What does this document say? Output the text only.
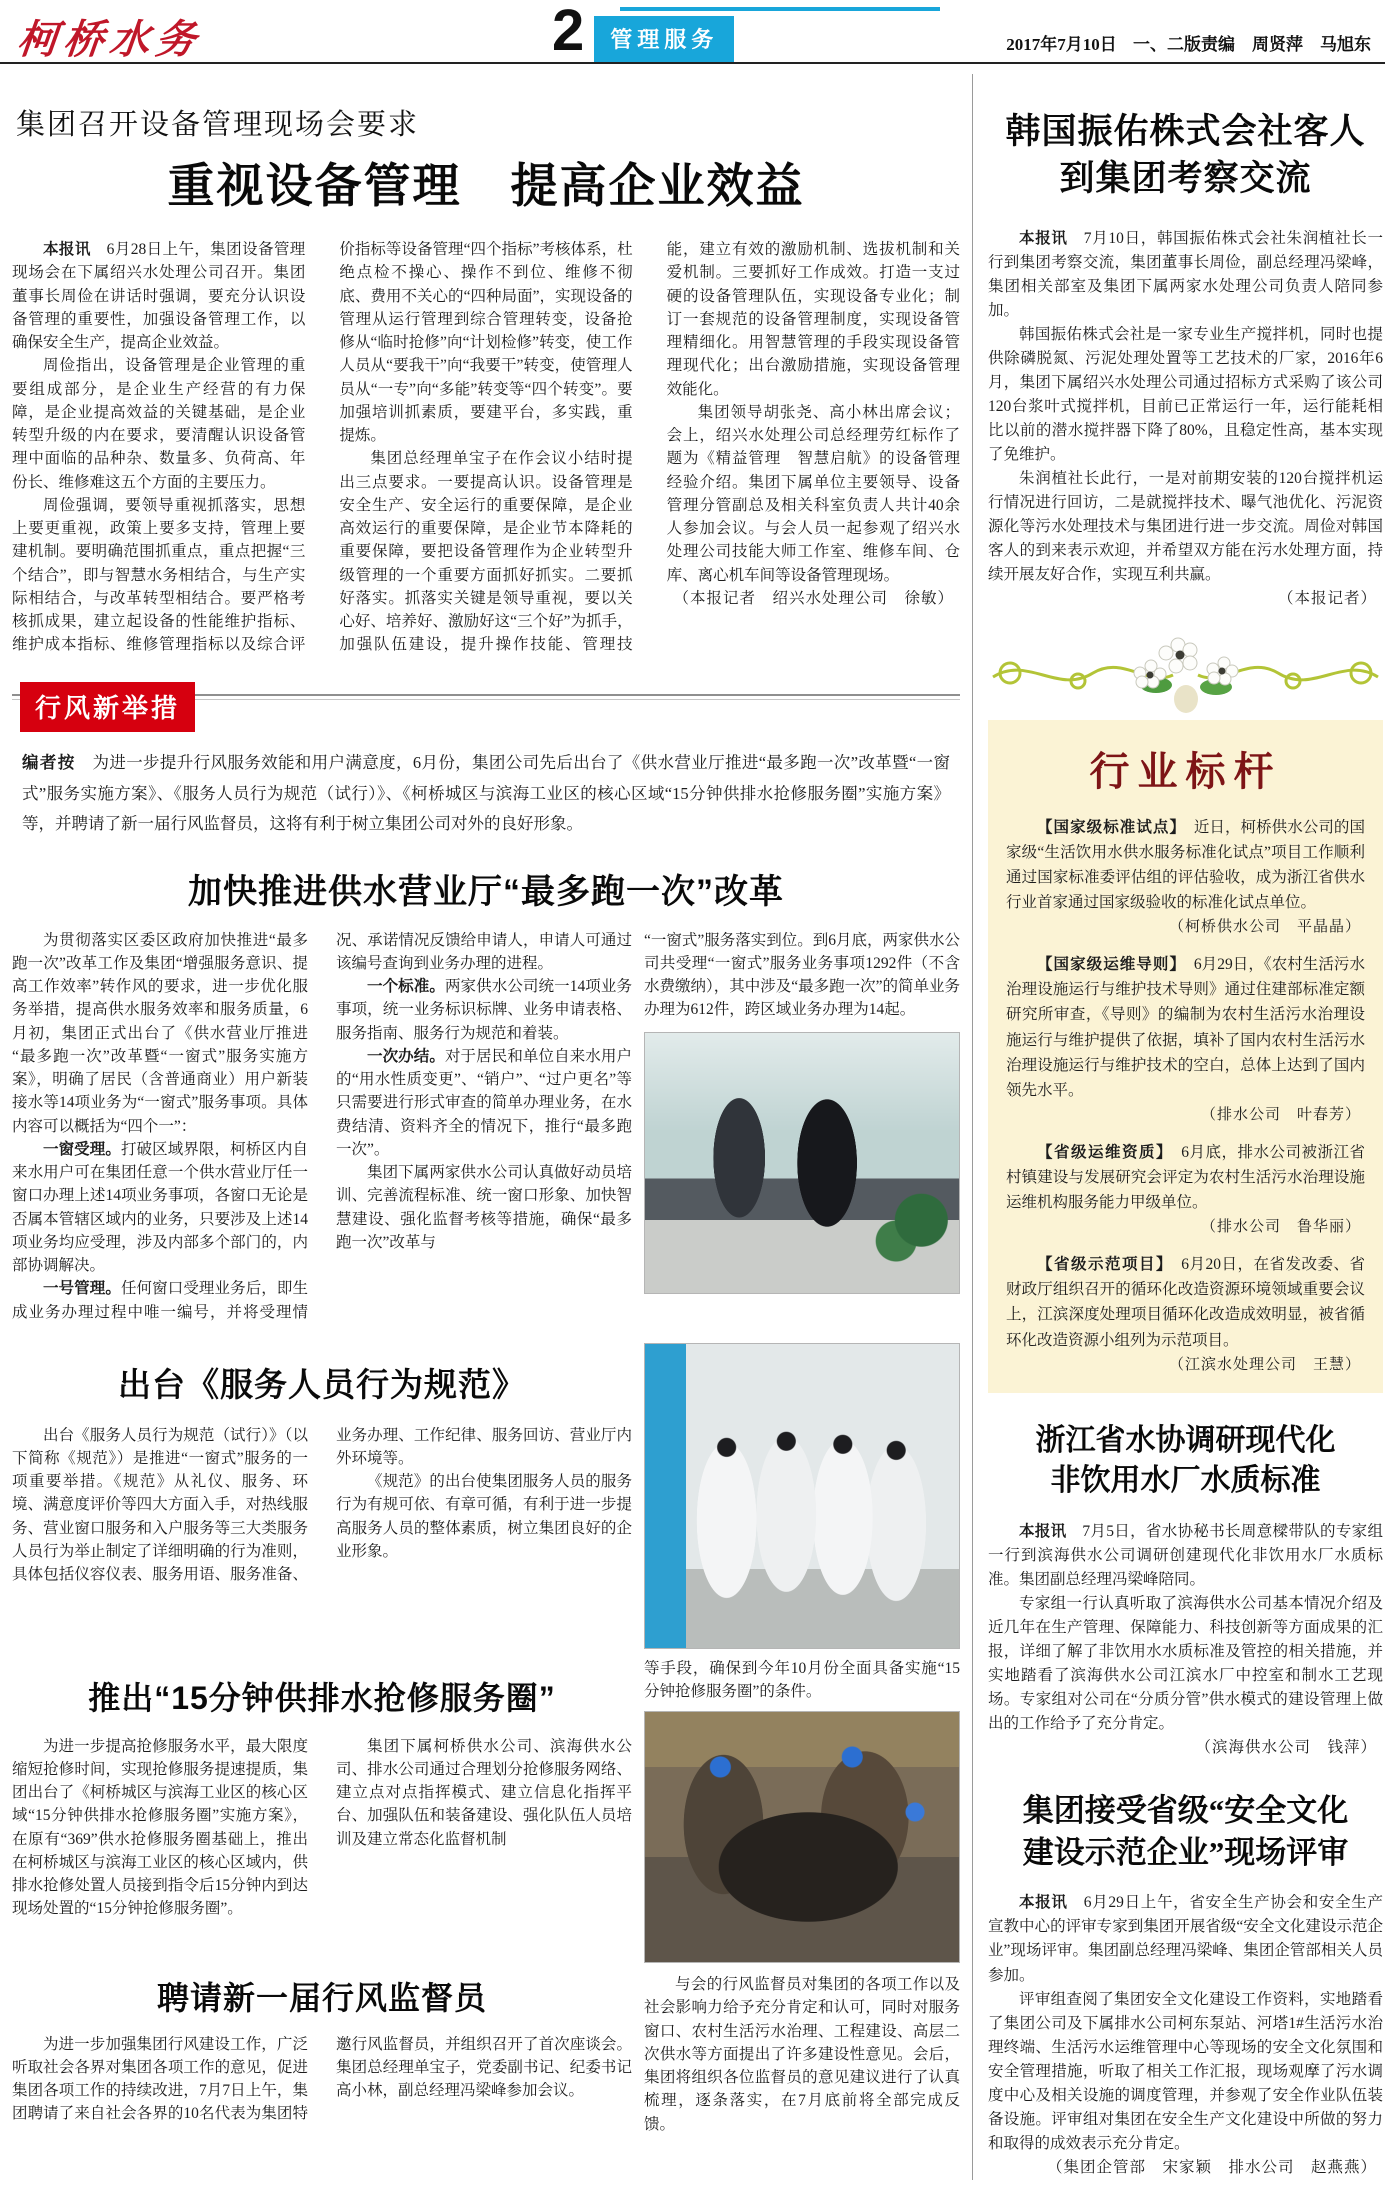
柯桥水务	2	管理服务	2017年7月10日 一、二版责编　周贤萍　马旭东
集团召开设备管理现场会要求
重视设备管理　提高企业效益

本报讯　 6月28日上午，集团设备管理现场会在下属绍兴水处理公司召开。集团董事长周俭在讲话时强调，要充分认识设备管理的重要性，加强设备管理工作，以确保安全生产，提高企业效益。

周俭指出，设备管理是企业管理的重要组成部分，是企业生产经营的有力保障，是企业提高效益的关键基础，是企业转型升级的内在要求，要清醒认识设备管理中面临的品种杂、数量多、负荷高、年份长、维修难这五个方面的主要压力。

周俭强调，要领导重视抓落实，思想上要更重视，政策上要多支持，管理上要建机制。要明确范围抓重点，重点把握“三个结合”，即与智慧水务相结合，与生产实际相结合，与改革转型相结合。要严格考核抓成果，建立起设备的性能维护指标、维护成本指标、维修管理指标以及综合评价指标等设备管理“四个指标”考核体系，杜绝点检不操心、操作不到位、维修不彻底、费用不关心的“四种局面”，实现设备的管理从运行管理到综合管理转变，设备抢修从“临时抢修”向“计划检修”转变，使工作人员从“要我干”向“我要干”转变，使管理人员从“一专”向“多能”转变等“四个转变”。要加强培训抓素质，要建平台，多实践，重提炼。

集团总经理单宝子在作会议小结时提出三点要求。一要提高认识。设备管理是安全生产、安全运行的重要保障，是企业高效运行的重要保障，是企业节本降耗的重要保障，要把设备管理作为企业转型升级管理的一个重要方面抓好抓实。二要抓好落实。抓落实关键是领导重视，要以关心好、培养好、激励好这“三个好”为抓手，加强队伍建设，提升操作技能、管理技能，建立有效的激励机制、选拔机制和关爱机制。三要抓好工作成效。打造一支过硬的设备管理队伍，实现设备专业化；制订一套规范的设备管理制度，实现设备管理精细化。用智慧管理的手段实现设备管理现代化；出台激励措施，实现设备管理效能化。

集团领导胡张尧、高小林出席会议；会上，绍兴水处理公司总经理劳红标作了题为《精益管理　智慧启航》的设备管理经验介绍。集团下属单位主要领导、设备管理分管副总及相关科室负责人共计40余人参加会议。与会人员一起参观了绍兴水处理公司技能大师工作室、维修车间、仓库、离心机车间等设备管理现场。

（本报记者　绍兴水处理公司　徐敏）

行风新举措
编者按　 为进一步提升行风服务效能和用户满意度，6月份，集团公司先后出台了《供水营业厅推进“最多跑一次”改革暨“一窗式”服务实施方案》、《服务人员行为规范（试行）》、《柯桥城区与滨海工业区的核心区域“15分钟供排水抢修服务圈”实施方案》等，并聘请了新一届行风监督员，这将有利于树立集团公司对外的良好形象。
加快推进供水营业厅“最多跑一次”改革

为贯彻落实区委区政府加快推进“最多跑一次”改革工作及集团“增强服务意识、提高工作效率”转作风的要求，进一步优化服务举措，提高供水服务效率和服务质量，6月初，集团正式出台了《供水营业厅推进“最多跑一次”改革暨“一窗式”服务实施方案》，明确了居民（含普通商业）用户新装接水等14项业务为“一窗式”服务事项。具体内容可以概括为“四个一”：

一窗受理。打破区域界限，柯桥区内自来水用户可在集团任意一个供水营业厅任一窗口办理上述14项业务事项，各窗口无论是否属本管辖区域内的业务，只要涉及上述14项业务均应受理，涉及内部多个部门的，内部协调解决。

一号管理。任何窗口受理业务后，即生成业务办理过程中唯一编号，并将受理情况、承诺情况反馈给申请人，申请人可通过该编号查询到业务办理的进程。

一个标准。两家供水公司统一14项业务事项，统一业务标识标牌、业务申请表格、服务指南、服务行为规范和着装。

一次办结。对于居民和单位自来水用户的“用水性质变更”、“销户”、“过户更名”等只需要进行形式审查的简单办理业务，在水费结清、资料齐全的情况下，推行“最多跑一次”。

集团下属两家供水公司认真做好动员培训、完善流程标准、统一窗口形象、加快智慧建设、强化监督考核等措施，确保“最多跑一次”改革与

“一窗式”服务落实到位。到6月底，两家供水公司共受理“一窗式”服务业务事项1292件（不含水费缴纳），其中涉及“最多跑一次”的简单业务办理为612件，跨区域业务办理为14起。

出台《服务人员行为规范》

出台《服务人员行为规范（试行）》（以下简称《规范》）是推进“一窗式”服务的一项重要举措。《规范》从礼仪、服务、环境、满意度评价等四大方面入手，对热线服务、营业窗口服务和入户服务等三大类服务人员行为举止制定了详细明确的行为准则，具体包括仪容仪表、服务用语、服务准备、业务办理、工作纪律、服务回访、营业厅内外环境等。

《规范》的出台使集团服务人员的服务行为有规可依、有章可循，有利于进一步提高服务人员的整体素质，树立集团良好的企业形象。

推出“15分钟供排水抢修服务圈”

为进一步提高抢修服务水平，最大限度缩短抢修时间，实现抢修服务提速提质，集团出台了《柯桥城区与滨海工业区的核心区域“15分钟供排水抢修服务圈”实施方案》，在原有“369”供水抢修服务圈基础上，推出在柯桥城区与滨海工业区的核心区域内，供排水抢修处置人员接到指令后15分钟内到达现场处置的“15分钟抢修服务圈”。

集团下属柯桥供水公司、滨海供水公司、排水公司通过合理划分抢修服务网络、建立点对点指挥模式、建立信息化指挥平台、加强队伍和装备建设、强化队伍人员培训及建立常态化监督机制

聘请新一届行风监督员

为进一步加强集团行风建设工作，广泛听取社会各界对集团各项工作的意见，促进集团各项工作的持续改进，7月7日上午，集团聘请了来自社会各界的10名代表为集团特邀行风监督员，并组织召开了首次座谈会。集团总经理单宝子，党委副书记、纪委书记高小林，副总经理冯梁峰参加会议。

等手段，确保到今年10月份全面具备实施“15分钟抢修服务圈”的条件。

与会的行风监督员对集团的各项工作以及社会影响力给予充分肯定和认可，同时对服务窗口、农村生活污水治理、工程建设、高层二次供水等方面提出了许多建设性意见。会后，集团将组织各位监督员的意见建议进行了认真梳理，逐条落实，在7月底前将全部完成反馈。

韩国振佑株式会社客人
到集团考察交流

本报讯　 7月10日，韩国振佑株式会社朱润植社长一行到集团考察交流，集团董事长周俭，副总经理冯梁峰，集团相关部室及集团下属两家水处理公司负责人陪同参加。

韩国振佑株式会社是一家专业生产搅拌机，同时也提供除磷脱氮、污泥处理处置等工艺技术的厂家，2016年6月，集团下属绍兴水处理公司通过招标方式采购了该公司120台浆叶式搅拌机，目前已正常运行一年，运行能耗相比以前的潜水搅拌器下降了80%，且稳定性高，基本实现了免维护。

朱润植社长此行，一是对前期安装的120台搅拌机运行情况进行回访，二是就搅拌技术、曝气池优化、污泥资源化等污水处理技术与集团进行进一步交流。周俭对韩国客人的到来表示欢迎，并希望双方能在污水处理方面，持续开展友好合作，实现互利共赢。

（本报记者）

行业标杆

【国家级标准试点】　 近日，柯桥供水公司的国家级“生活饮用水供水服务标准化试点”项目工作顺利通过国家标准委评估组的评估验收，成为浙江省供水行业首家通过国家级验收的标准化试点单位。

（柯桥供水公司　平晶晶）

【国家级运维导则】　 6月29日，《农村生活污水治理设施运行与维护技术导则》通过住建部标准定额研究所审查，《导则》的编制为农村生活污水治理设施运行与维护提供了依据，填补了国内农村生活污水治理设施运行与维护技术的空白，总体上达到了国内领先水平。

（排水公司　叶春芳）

【省级运维资质】　 6月底，排水公司被浙江省村镇建设与发展研究会评定为农村生活污水治理设施运维机构服务能力甲级单位。

（排水公司　鲁华丽）

【省级示范项目】　 6月20日，在省发改委、省财政厅组织召开的循环化改造资源环境领域重要会议上，江滨深度处理项目循环化改造成效明显，被省循环化改造资源小组列为示范项目。

（江滨水处理公司　王慧）
浙江省水协调研现代化
非饮用水厂水质标准

本报讯　 7月5日，省水协秘书长周意樑带队的专家组一行到滨海供水公司调研创建现代化非饮用水厂水质标准。集团副总经理冯梁峰陪同。

专家组一行认真听取了滨海供水公司基本情况介绍及近几年在生产管理、保障能力、科技创新等方面成果的汇报，详细了解了非饮用水水质标准及管控的相关措施，并实地踏看了滨海供水公司江滨水厂中控室和制水工艺现场。专家组对公司在“分质分管”供水模式的建设管理上做出的工作给予了充分肯定。

（滨海供水公司　钱萍）

集团接受省级“安全文化
建设示范企业”现场评审

本报讯　 6月29日上午，省安全生产协会和安全生产宣教中心的评审专家到集团开展省级“安全文化建设示范企业”现场评审。集团副总经理冯梁峰、集团企管部相关人员参加。

评审组查阅了集团安全文化建设工作资料，实地踏看了集团公司及下属排水公司柯东泵站、河塔1#生活污水治理终端、生活污水运维管理中心等现场的安全文化氛围和安全管理措施，听取了相关工作汇报，现场观摩了污水调度中心及相关设施的调度管理，并参观了安全作业队伍装备设施。评审组对集团在安全生产文化建设中所做的努力和取得的成效表示充分肯定。

（集团企管部　宋家颖　排水公司　赵燕燕）
